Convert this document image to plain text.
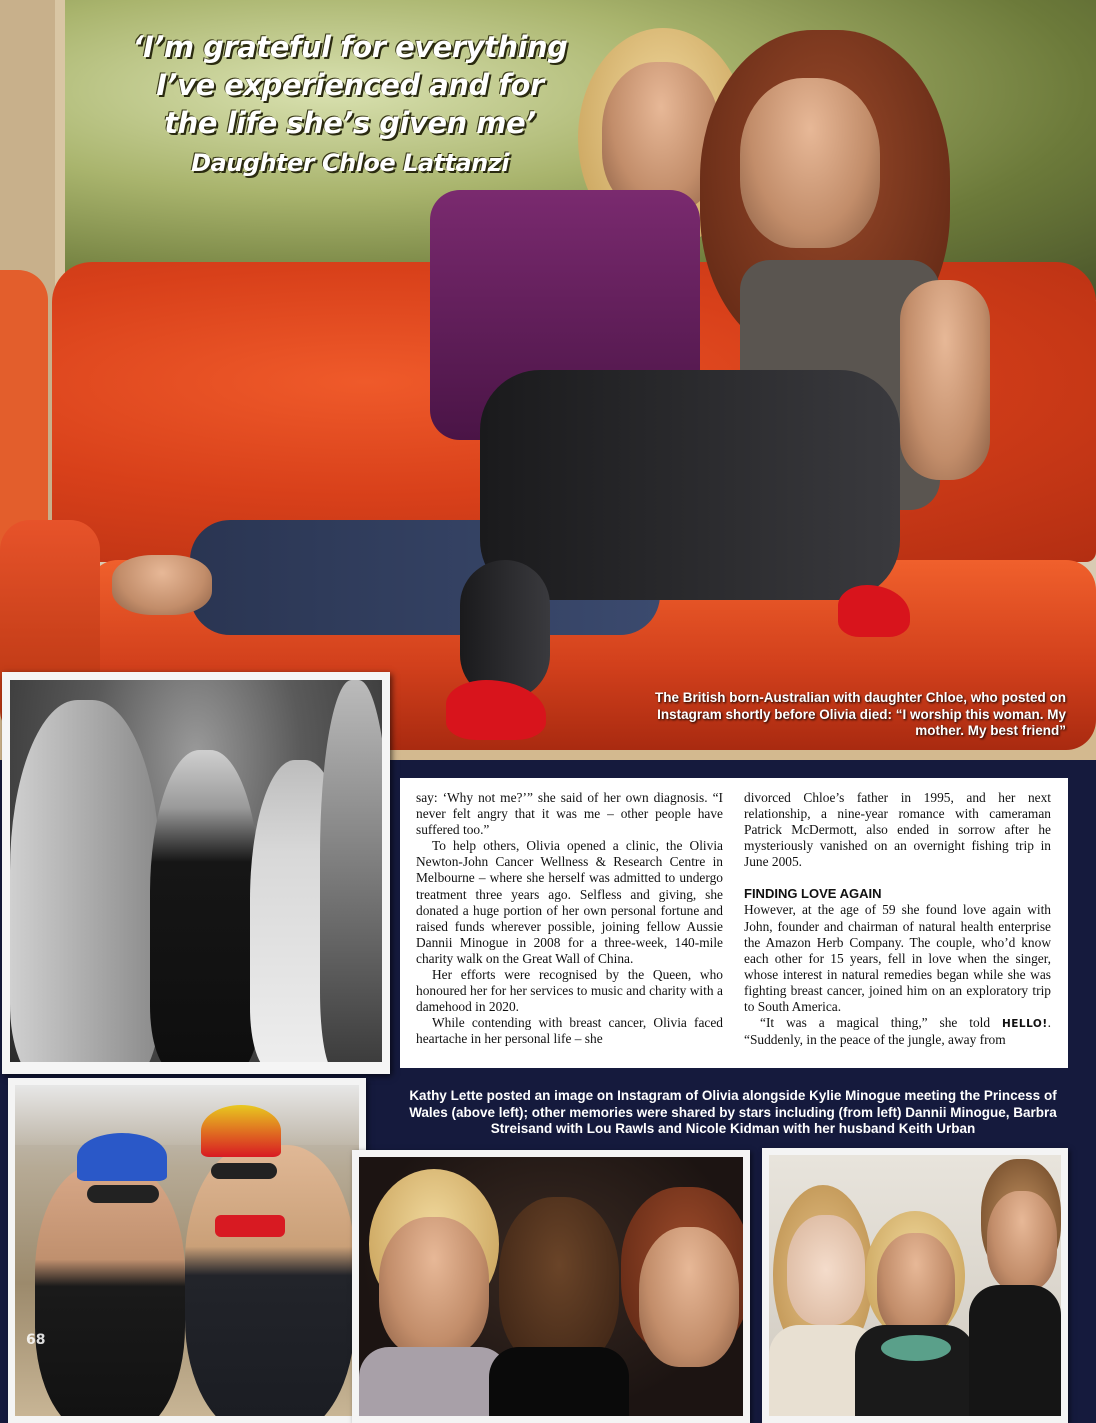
‘I’m grateful for everything I’ve experienced and for the life she’s given me’ Daughter Chloe Lattanzi

The British born-Australian with daughter Chloe, who posted on Instagram shortly before Olivia died: “I worship this woman. My mother. My best friend”

say: ‘Why not me?’” she said of her own diagnosis. “I never felt angry that it was me – other people have suffered too.”

To help others, Olivia opened a clinic, the Olivia Newton-John Cancer Wellness & Research Centre in Melbourne – where she herself was admitted to undergo treatment three years ago. Selfless and giving, she donated a huge portion of her own personal fortune and raised funds wherever possible, joining fellow Aussie Dannii Minogue in 2008 for a three-week, 140-mile charity walk on the Great Wall of China.

Her efforts were recognised by the Queen, who honoured her for her services to music and charity with a damehood in 2020.

While contending with breast cancer, Olivia faced heartache in her personal life – she

divorced Chloe’s father in 1995, and her next relationship, a nine-year romance with cameraman Patrick McDermott, also ended in sorrow after he mysteriously vanished on an overnight fishing trip in June 2005.

FINDING LOVE AGAIN

However, at the age of 59 she found love again with John, founder and chairman of natural health enterprise the Amazon Herb Company. The couple, who’d know each other for 15 years, fell in love when the singer, whose interest in natural remedies began while she was fighting breast cancer, joined him on an exploratory trip to South America.

“It was a magical thing,” she told HELLO!. “Suddenly, in the peace of the jungle, away from

Kathy Lette posted an image on Instagram of Olivia alongside Kylie Minogue meeting the Princess of Wales (above left); other memories were shared by stars including (from left) Dannii Minogue, Barbra Streisand with Lou Rawls and Nicole Kidman with her husband Keith Urban

68
